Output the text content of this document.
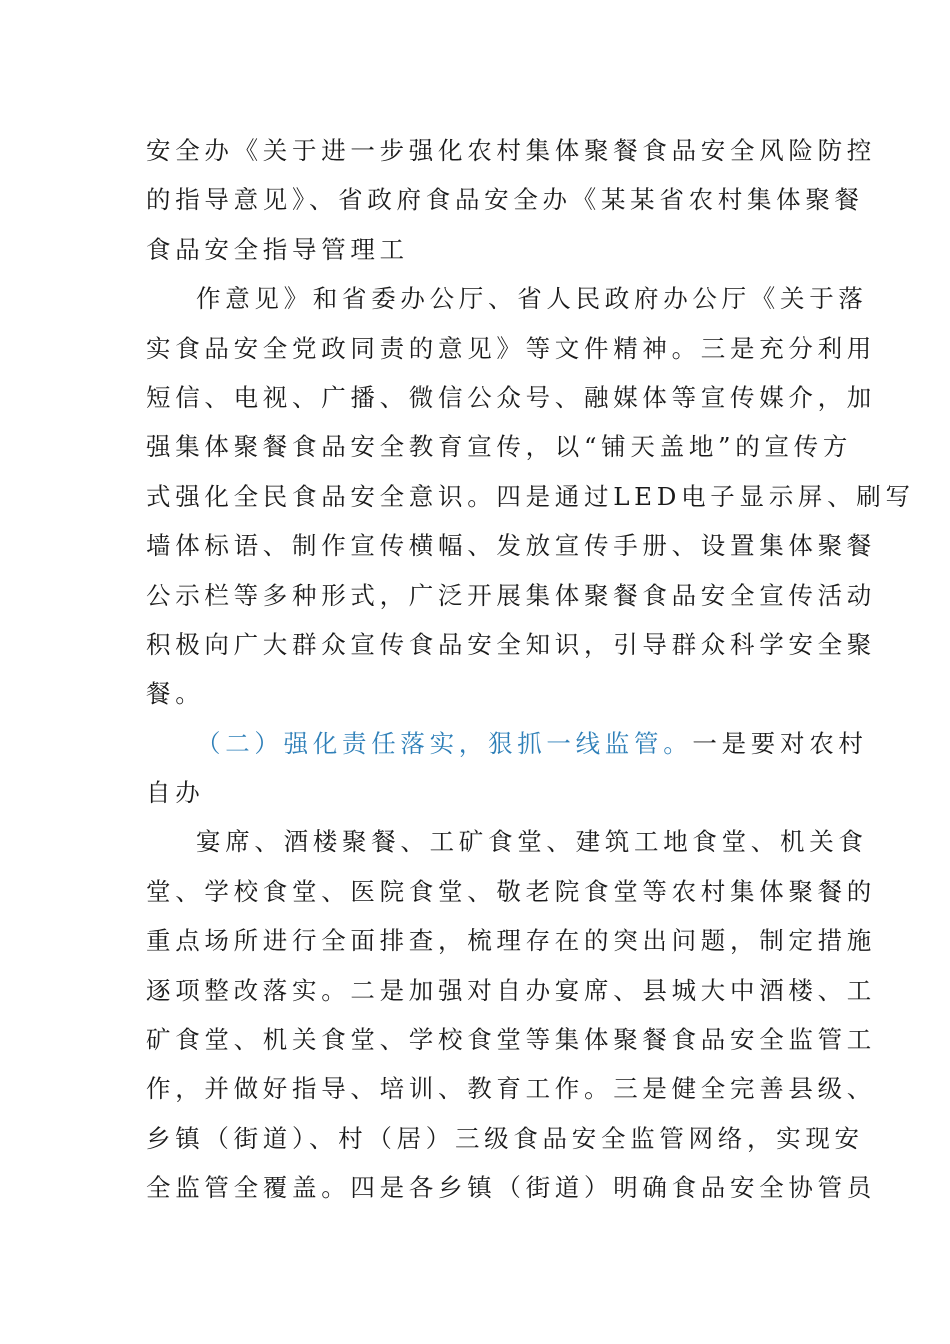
安全办《关于进一步强化农村集体聚餐食品安全风险防控
的指导意见》、省政府食品安全办《某某省农村集体聚餐
食品安全指导管理工
作意见》和省委办公厅、省人民政府办公厅《关于落
实食品安全党政同责的意见》等文件精神。三是充分利用
短信、电视、广播、微信公众号、融媒体等宣传媒介，加
强集体聚餐食品安全教育宣传，以“铺天盖地”的宣传方
式强化全民食品安全意识。四是通过LED电子显示屏、刷写
墙体标语、制作宣传横幅、发放宣传手册、设置集体聚餐
公示栏等多种形式，广泛开展集体聚餐食品安全宣传活动
积极向广大群众宣传食品安全知识，引导群众科学安全聚
餐。
（二）强化责任落实，狠抓一线监管。一是要对农村
自办
宴席、酒楼聚餐、工矿食堂、建筑工地食堂、机关食
堂、学校食堂、医院食堂、敬老院食堂等农村集体聚餐的
重点场所进行全面排查，梳理存在的突出问题，制定措施
逐项整改落实。二是加强对自办宴席、县城大中酒楼、工
矿食堂、机关食堂、学校食堂等集体聚餐食品安全监管工
作，并做好指导、培训、教育工作。三是健全完善县级、
乡镇（街道）、村（居）三级食品安全监管网络，实现安
全监管全覆盖。四是各乡镇（街道）明确食品安全协管员
